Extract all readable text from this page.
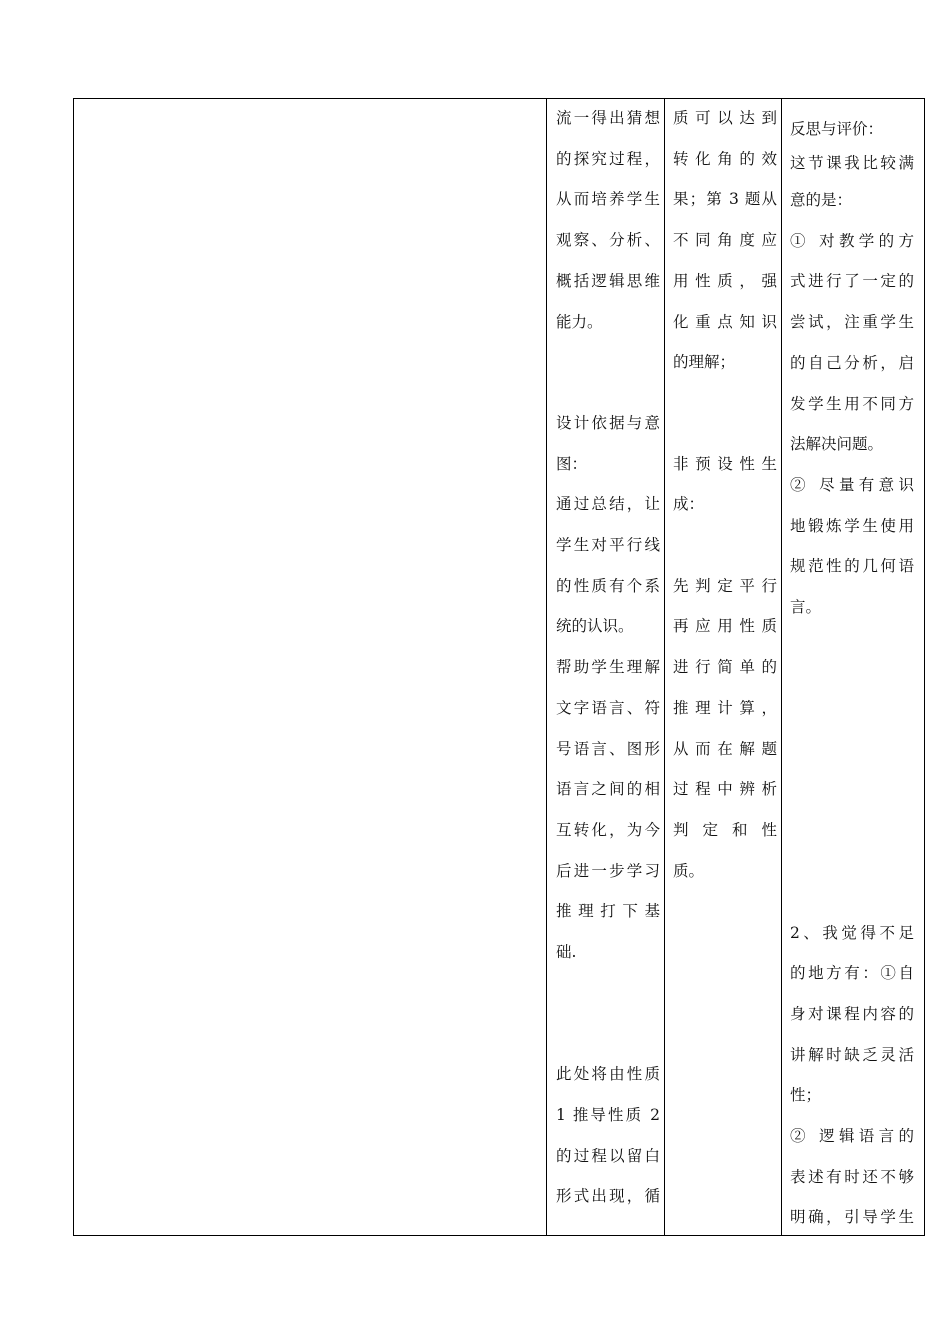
流一得出猜想
的探究过程，
从而培养学生
观察、分析、
概括逻辑思维
能力。
设计依据与意
图：
通过总结，让
学生对平行线
的性质有个系
统的认识。
帮助学生理解
文字语言、符
号语言、图形
语言之间的相
互转化，为今
后进一步学习
推理打下基
础.
此处将由性质
1 推导性质 2
的过程以留白
形式出现，循
质可以达到
转化角的效
果；第 3 题从
不同角度应
用性质，强
化重点知识
的理解；
非预设性生
成：
先判定平行
再应用性质
进行简单的
推理计算，
从而在解题
过程中辨析
判定和性
质。
反思与评价：
这节课我比较满
意的是：
① 对教学的方
式进行了一定的
尝试，注重学生
的自己分析，启
发学生用不同方
法解决问题。
② 尽量有意识
地锻炼学生使用
规范性的几何语
言。
2、我觉得不足
的地方有：①自
身对课程内容的
讲解时缺乏灵活
性；
② 逻辑语言的
表述有时还不够
明确，引导学生
